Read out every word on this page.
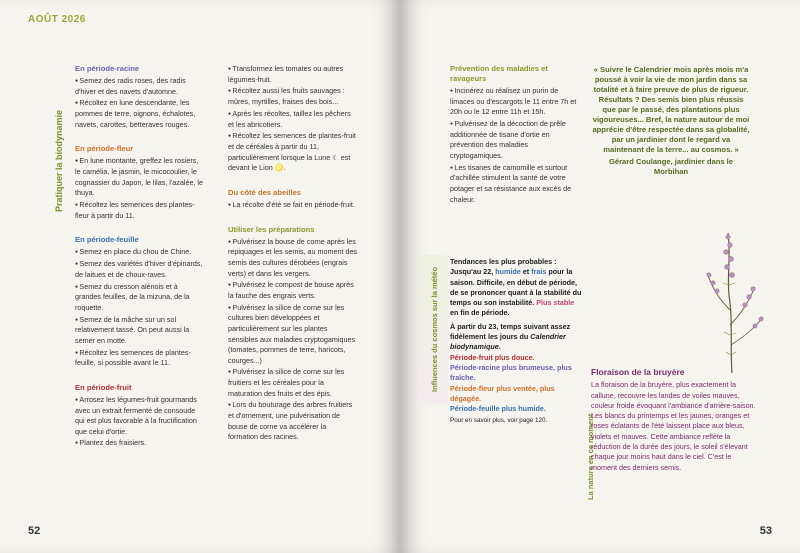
AOÛT 2026
Pratiquer la biodynamie
En période-racine
● Semez des radis roses, des radis d'hiver et des navets d'automne.
● Récoltez en lune descendante, les pommes de terre, oignons, échalotes, navets, carottes, betteraves rouges.
En période-fleur
● En lune montante, greffez les rosiers, le camélia, le jasmin, le micocoulier, le cognassier du Japon, le lilas, l'azalée, le thuya.
● Récoltez les semences des plantes-fleur à partir du 11.
En période-feuille
● Semez en place du chou de Chine.
● Semez des variétés d'hiver d'épinards, de laitues et de choux-raves.
● Semez du cresson alénois et à grandes feuilles, de la mizuna, de la roquette.
● Semez de la mâche sur un sol relativement tassé. On peut aussi la semer en motte.
● Récoltez les semences de plantes-feuille, si possible avant le 11.
En période-fruit
● Arrosez les légumes-fruit gourmands avec un extrait fermenté de consoude qui est plus favorable à la fructification que celui d'ortie.
● Plantez des fraisiers.
● Transformez les tomates ou autres légumes-fruit.
● Récoltez aussi les fruits sauvages : mûres, myrtilles, fraises des bois...
● Après les récoltes, taillez les pêchers et les abricotiers.
● Récoltez les semences de plantes-fruit et de céréales à partir du 11, particulièrement lorsque la Lune ☾ est devant le Lion ♌.
Du côté des abeilles
● La récolte d'été se fait en période-fruit.
Utiliser les préparations
● Pulvérisez la bouse de corne après les repiquages et les semis, au moment des semis des cultures dérobées (engrais verts) et dans les vergers.
● Pulvérisez le compost de bouse après la fauche des engrais verts.
● Pulvérisez la silice de corne sur les cultures bien développées et particulièrement sur les plantes sensibles aux maladies cryptogamiques (tomates, pommes de terre, haricots, courges...)
● Pulvérisez la silice de corne sur les fruitiers et les céréales pour la maturation des fruits et des épis.
● Lors du bouturage des arbres fruitiers et d'ornement, une pulvérisation de bouse de corne va accélérer la formation des racines.
52
Prévention des maladies et ravageurs
● Incinérez ou réalisez un purin de limaces ou d'escargots le 11 entre 7h et 20h ou le 12 entre 11h et 15h.
● Pulvérisez de la décoction de prêle additionnée de tisane d'ortie en prévention des maladies cryptogamiques.
● Les tisanes de camomille et surtout d'achillée stimulent la santé de votre potager et sa résistance aux excès de chaleur.
« Suivre le Calendrier mois après mois m'a poussé à voir la vie de mon jardin dans sa totalité et à faire preuve de plus de rigueur. Résultats ? Des semis bien plus réussis que par le passé, des plantations plus vigoureuses... Bref, la nature autour de moi apprécie d'être respectée dans sa globalité, par un jardinier dont le regard va maintenant de la terre... au cosmos. »
Gérard Coulange, jardinier dans le Morbihan
Influences du cosmos sur la météo
Tendances les plus probables :
Jusqu'au 22, humide et frais pour la saison. Difficile, en début de période, de se prononcer quant à la stabilité du temps ou son instabilité. Plus stable en fin de période.
À partir du 23, temps suivant assez fidèlement les jours du Calendrier biodynamique.
Période-fruit plus douce.
Période-racine plus brumeuse, plus fraîche.
Période-fleur plus ventée, plus dégagée.
Période-feuille plus humide.
Pour en savoir plus, voir page 120.	La nature en ce moment
Floraison de la bruyère

La floraison de la bruyère, plus exactement la callune, recouvre les landes de voiles mauves, couleur froide évoquant l'ambiance d'arrière-saison. Les blancs du printemps et les jaunes, oranges et roses éclatants de l'été laissent place aux bleus, violets et mauves. Cette ambiance reflète la réduction de la durée des jours, le soleil s'élevant chaque jour moins haut dans le ciel. C'est le moment des derniers semis.

53
